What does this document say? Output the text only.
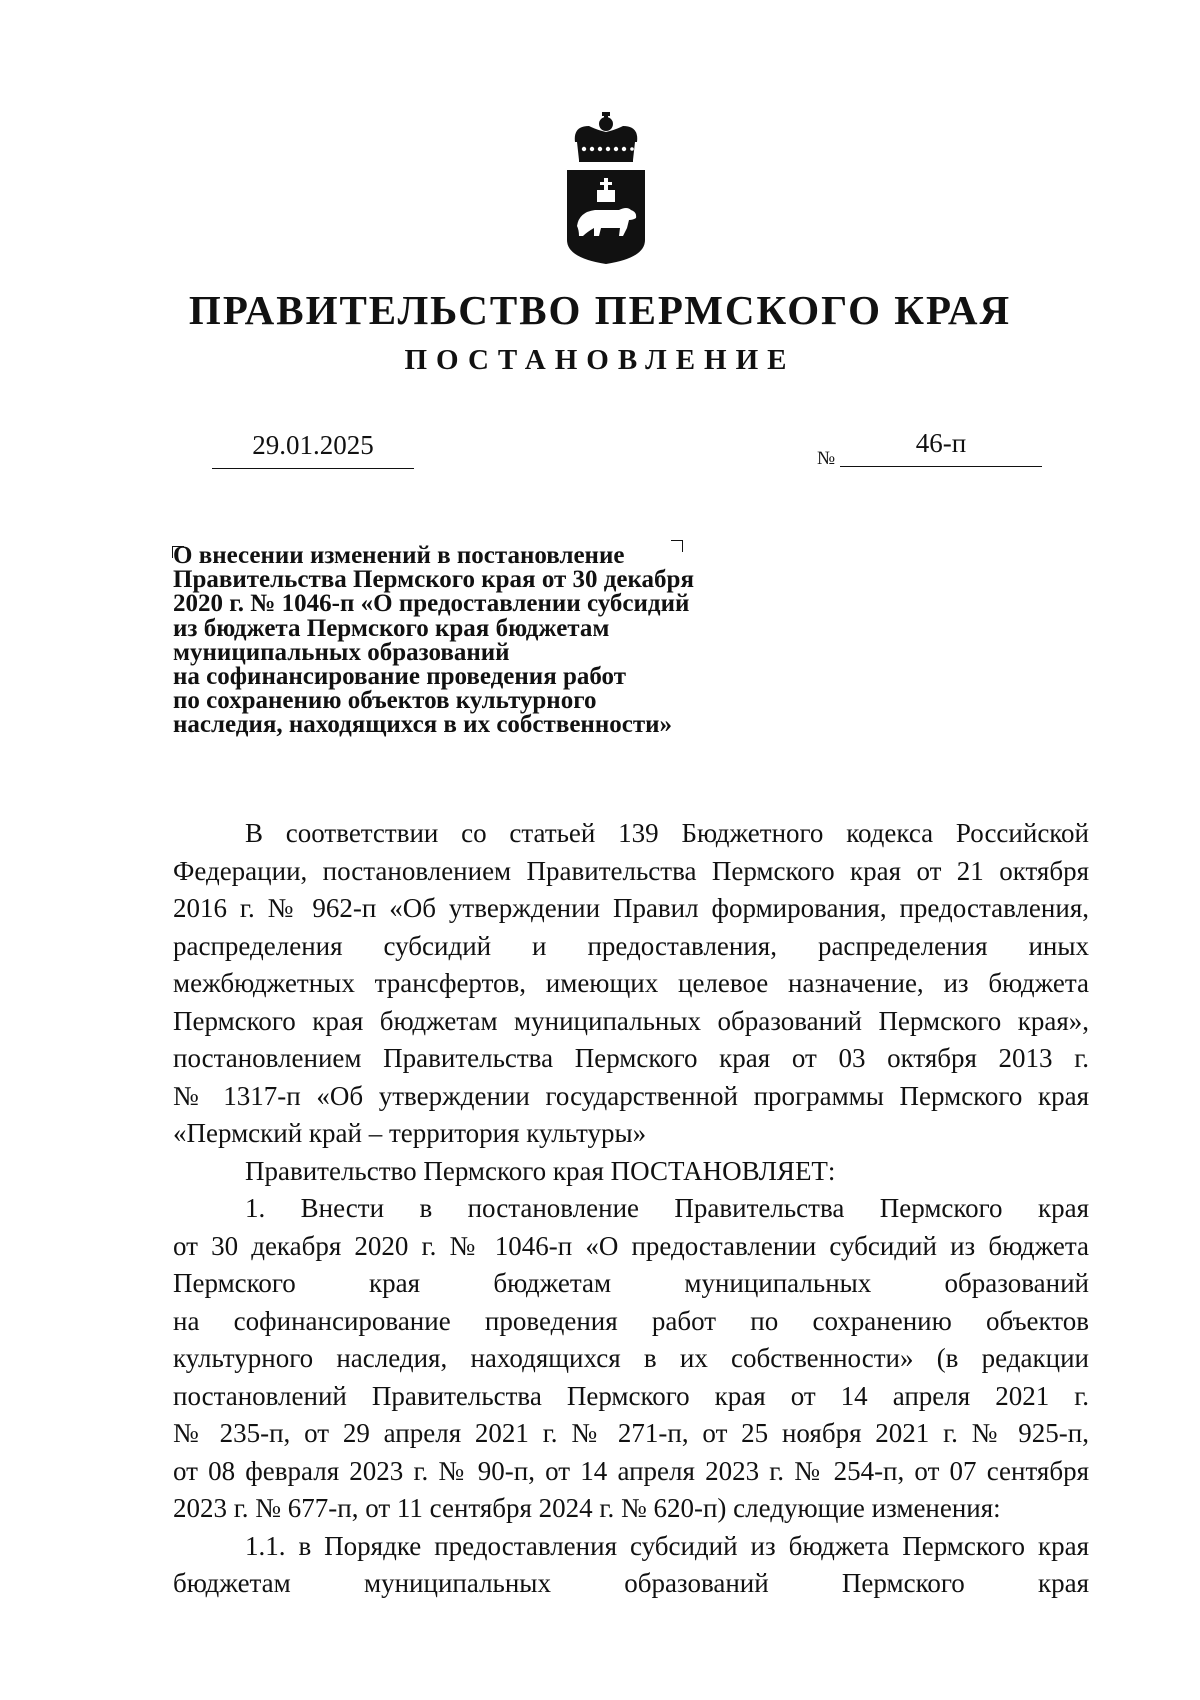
ПРАВИТЕЛЬСТВО ПЕРМСКОГО КРАЯ
ПОСТАНОВЛЕНИЕ
29.01.2025	№
46-п
О внесении изменений в постановление
Правительства Пермского края от 30 декабря
2020 г. № 1046-п «О предоставлении субсидий
из бюджета Пермского края бюджетам
муниципальных образований
на софинансирование проведения работ
по сохранению объектов культурного
наследия, находящихся в их собственности»
В соответствии со статьей 139 Бюджетного кодекса Российской
Федерации, постановлением Правительства Пермского края от 21 октября
2016 г. № 962-п «Об утверждении Правил формирования, предоставления,
распределения субсидий и предоставления, распределения иных
межбюджетных трансфертов, имеющих целевое назначение, из бюджета
Пермского края бюджетам муниципальных образований Пермского края»,
постановлением Правительства Пермского края от 03 октября 2013 г.
№ 1317-п «Об утверждении государственной программы Пермского края
«Пермский край – территория культуры»
Правительство Пермского края ПОСТАНОВЛЯЕТ:
1. Внести в постановление Правительства Пермского края
от 30 декабря 2020 г. № 1046-п «О предоставлении субсидий из бюджета
Пермского края бюджетам муниципальных образований
на софинансирование проведения работ по сохранению объектов
культурного наследия, находящихся в их собственности» (в редакции
постановлений Правительства Пермского края от 14 апреля 2021 г.
№ 235-п, от 29 апреля 2021 г. № 271-п, от 25 ноября 2021 г. № 925-п,
от 08 февраля 2023 г. № 90-п, от 14 апреля 2023 г. № 254-п, от 07 сентября
2023 г. № 677-п, от 11 сентября 2024 г. № 620-п) следующие изменения:
1.1. в Порядке предоставления субсидий из бюджета Пермского края
бюджетам муниципальных образований Пермского края
